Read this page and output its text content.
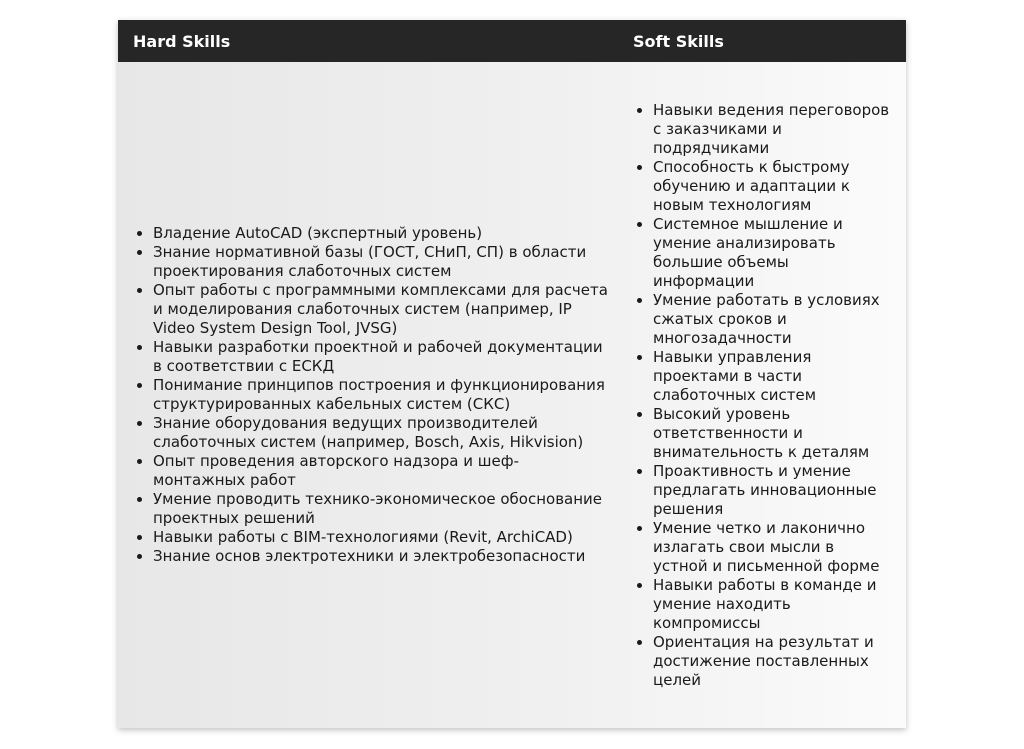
Hard Skills	Soft Skills
• Владение AutoCAD (экспертный уровень)
• Знание нормативной базы (ГОСТ, СНиП, СП) в области проектирования слаботочных систем
• Опыт работы с программными комплексами для расчета и моделирования слаботочных систем (например, IP Video System Design Tool, JVSG)
• Навыки разработки проектной и рабочей документации в соответствии с ЕСКД
• Понимание принципов построения и функционирования структурированных кабельных систем (СКС)
• Знание оборудования ведущих производителей слаботочных систем (например, Bosch, Axis, Hikvision)
• Опыт проведения авторского надзора и шеф-монтажных работ
• Умение проводить технико-экономическое обоснование проектных решений
• Навыки работы с BIM-технологиями (Revit, ArchiCAD)
• Знание основ электротехники и электробезопасности
• Навыки ведения переговоров с заказчиками и подрядчиками
• Способность к быстрому обучению и адаптации к новым технологиям
• Системное мышление и умение анализировать большие объемы информации
• Умение работать в условиях сжатых сроков и многозадачности
• Навыки управления проектами в части слаботочных систем
• Высокий уровень ответственности и внимательность к деталям
• Проактивность и умение предлагать инновационные решения
• Умение четко и лаконично излагать свои мысли в устной и письменной форме
• Навыки работы в команде и умение находить компромиссы
• Ориентация на результат и достижение поставленных целей
